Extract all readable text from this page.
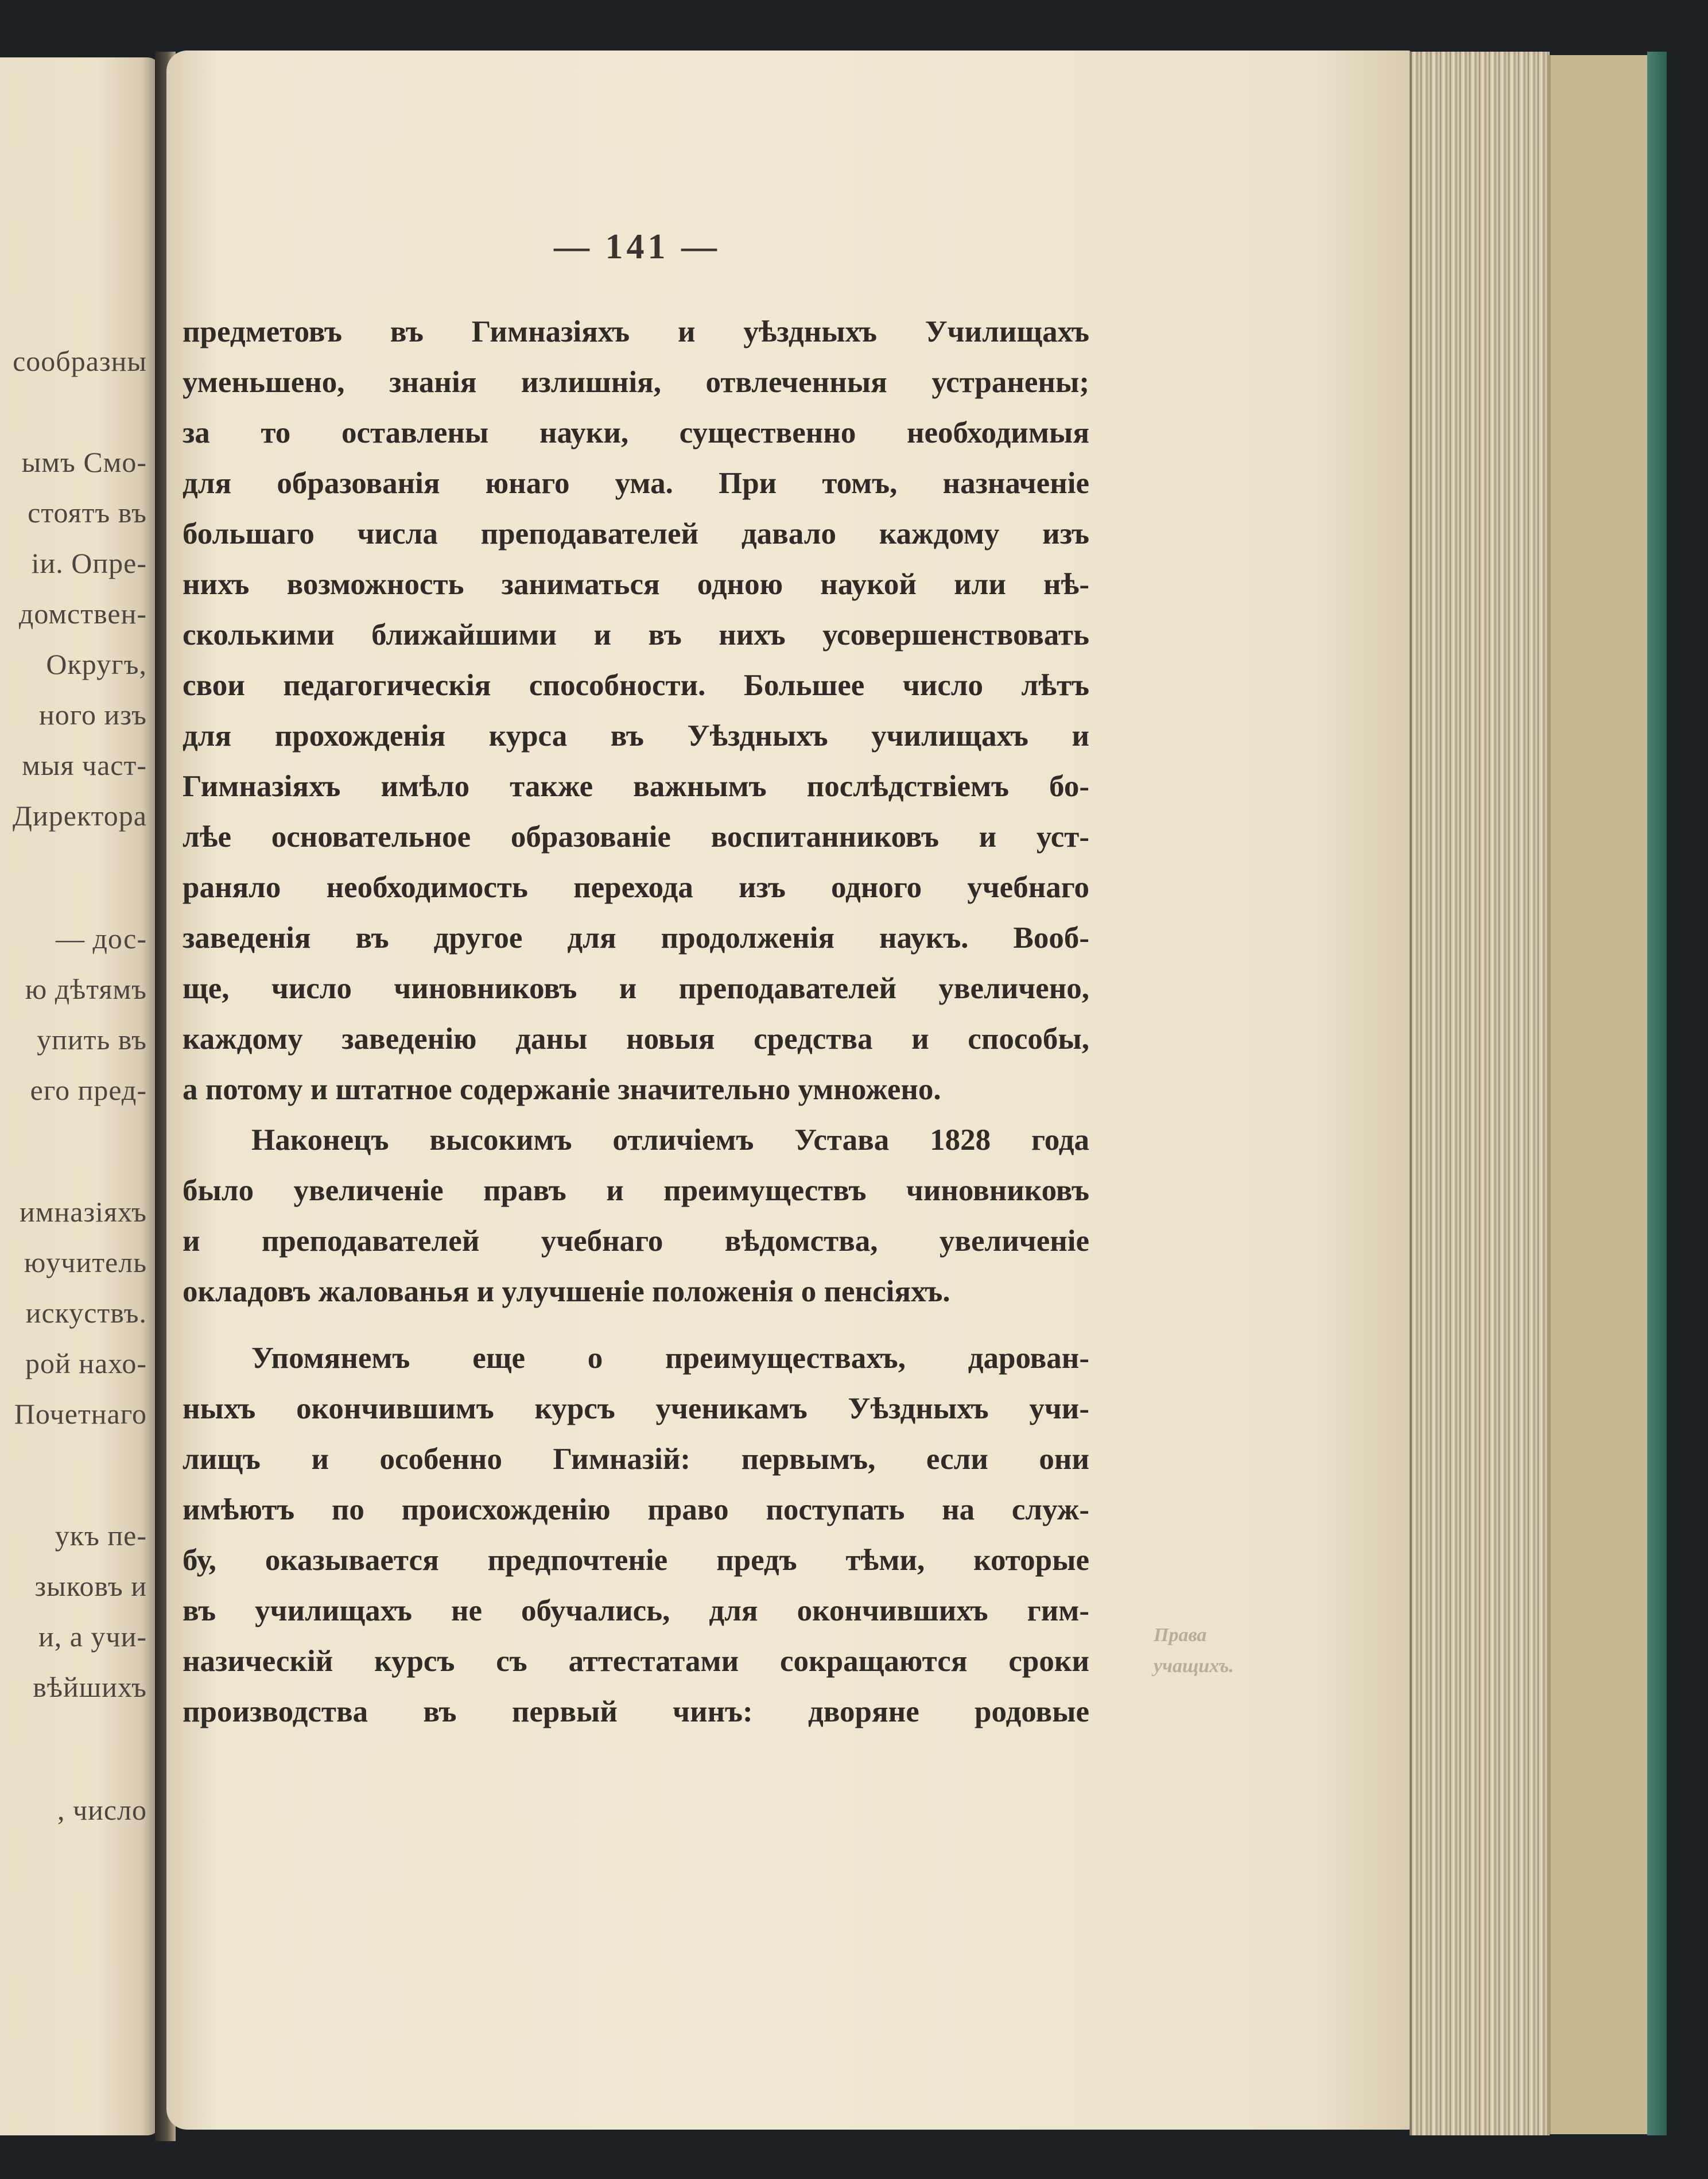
сообразны
ымъ Смо-
стоятъ въ
iи. Опре-
домствен-
Округъ,
ного изъ
мыя част-
Директора
— дос-
ю дѣтямъ
упить въ
его пред-
имназiяхъ
юучитель
искуствъ.
рой нахо-
Почетнаго
укъ пе-
зыковъ и
и, а учи-
вѣйшихъ
, число
— 141 —
предметовъ въ Гимназiяхъ и уѣздныхъ Училищахъ
уменьшено, знанiя излишнiя, отвлеченныя устранены;
за то оставлены науки, существенно необходимыя
для образованiя юнаго ума. При томъ, назначенiе
большаго числа преподавателей давало каждому изъ
нихъ возможность заниматься одною наукой или нѣ-
сколькими ближайшими и въ нихъ усовершенствовать
свои педагогическiя способности. Большее число лѣтъ
для прохожденiя курса въ Уѣздныхъ училищахъ и
Гимназiяхъ имѣло также важнымъ послѣдствiемъ бо-
лѣе основательное образованiе воспитанниковъ и уст-
раняло необходимость перехода изъ одного учебнаго
заведенiя въ другое для продолженiя наукъ. Вооб-
ще, число чиновниковъ и преподавателей увеличено,
каждому заведенiю даны новыя средства и способы,
а потому и штатное содержанiе значительно умножено.
Наконецъ высокимъ отличiемъ Устава 1828 года
было увеличенiе правъ и преимуществъ чиновниковъ
и преподавателей учебнаго вѣдомства, увеличенiе
окладовъ жалованья и улучшенiе положенiя о пенсiяхъ.
Упомянемъ еще о преимуществахъ, дарован-
ныхъ окончившимъ курсъ ученикамъ Уѣздныхъ учи-
лищъ и особенно Гимназiй: первымъ, если они
имѣютъ по происхожденiю право поступать на служ-
бу, оказывается предпочтенiе предъ тѣми, которые
въ училищахъ не обучались, для окончившихъ гим-
назическiй курсъ съ аттестатами сокращаются сроки
производства въ первый чинъ: дворяне родовые
Права
учащихъ.
